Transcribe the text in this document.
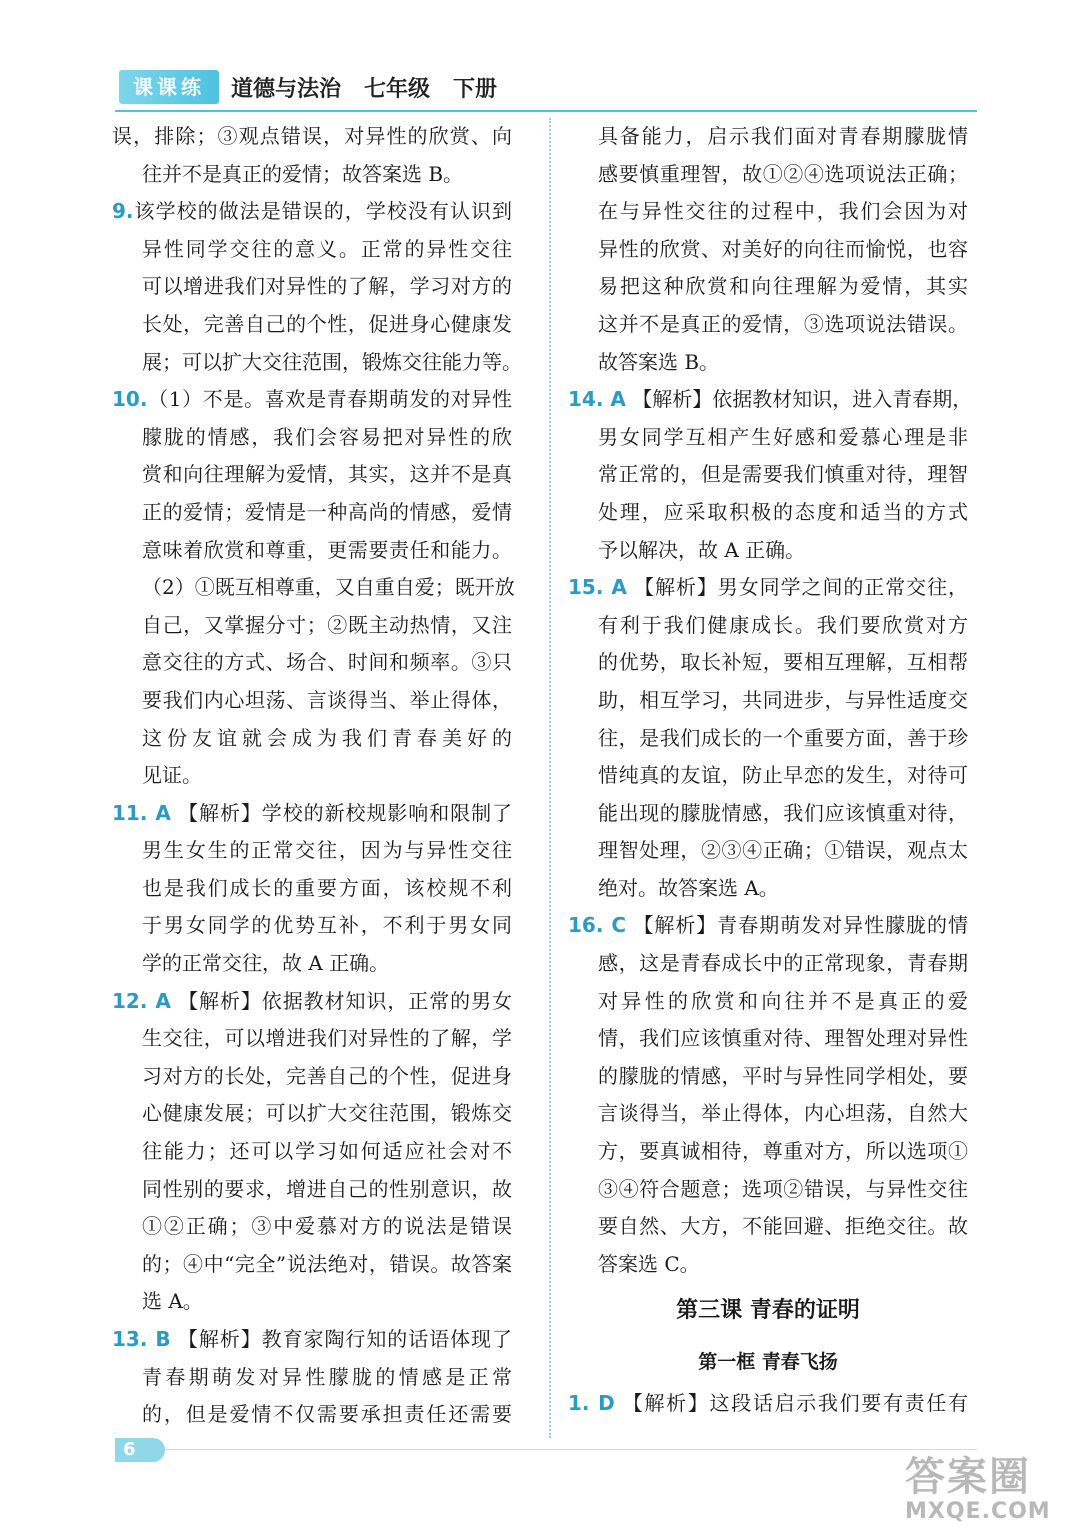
课课练	道德与法治   七年级   下册
误，排除；③观点错误，对异性的欣赏、向
往并不是真正的爱情；故答案选 B。
9.该学校的做法是错误的，学校没有认识到
异性同学交往的意义。正常的异性交往
可以增进我们对异性的了解，学习对方的
长处，完善自己的个性，促进身心健康发
展；可以扩大交往范围，锻炼交往能力等。
10.（1）不是。喜欢是青春期萌发的对异性
朦胧的情感，我们会容易把对异性的欣
赏和向往理解为爱情，其实，这并不是真
正的爱情；爱情是一种高尚的情感，爱情
意味着欣赏和尊重，更需要责任和能力。
（2）①既互相尊重，又自重自爱；既开放
自己，又掌握分寸；②既主动热情，又注
意交往的方式、场合、时间和频率。③只
要我们内心坦荡、言谈得当、举止得体，
这份友谊就会成为我们青春美好的
见证。
11. A 【解析】学校的新校规影响和限制了
男生女生的正常交往，因为与异性交往
也是我们成长的重要方面，该校规不利
于男女同学的优势互补，不利于男女同
学的正常交往，故 A 正确。
12. A 【解析】依据教材知识，正常的男女
生交往，可以增进我们对异性的了解，学
习对方的长处，完善自己的个性，促进身
心健康发展；可以扩大交往范围，锻炼交
往能力；还可以学习如何适应社会对不
同性别的要求，增进自己的性别意识，故
①②正确；③中爱慕对方的说法是错误
的；④中“完全”说法绝对，错误。故答案
选 A。
13. B 【解析】教育家陶行知的话语体现了
青春期萌发对异性朦胧的情感是正常
的，但是爱情不仅需要承担责任还需要
具备能力，启示我们面对青春期朦胧情
感要慎重理智，故①②④选项说法正确；
在与异性交往的过程中，我们会因为对
异性的欣赏、对美好的向往而愉悦，也容
易把这种欣赏和向往理解为爱情，其实
这并不是真正的爱情，③选项说法错误。
故答案选 B。
14. A 【解析】依据教材知识，进入青春期，
男女同学互相产生好感和爱慕心理是非
常正常的，但是需要我们慎重对待，理智
处理，应采取积极的态度和适当的方式
予以解决，故 A 正确。
15. A 【解析】男女同学之间的正常交往，
有利于我们健康成长。我们要欣赏对方
的优势，取长补短，要相互理解，互相帮
助，相互学习，共同进步，与异性适度交
往，是我们成长的一个重要方面，善于珍
惜纯真的友谊，防止早恋的发生，对待可
能出现的朦胧情感，我们应该慎重对待，
理智处理，②③④正确；①错误，观点太
绝对。故答案选 A。
16. C 【解析】青春期萌发对异性朦胧的情
感，这是青春成长中的正常现象，青春期
对异性的欣赏和向往并不是真正的爱
情，我们应该慎重对待、理智处理对异性
的朦胧的情感，平时与异性同学相处，要
言谈得当，举止得体，内心坦荡，自然大
方，要真诚相待，尊重对方，所以选项①
③④符合题意；选项②错误，与异性交往
要自然、大方，不能回避、拒绝交往。故
答案选 C。
第三课 青春的证明
第一框 青春飞扬
1. D 【解析】这段话启示我们要有责任有
6
答案圈
MXQE.COM
